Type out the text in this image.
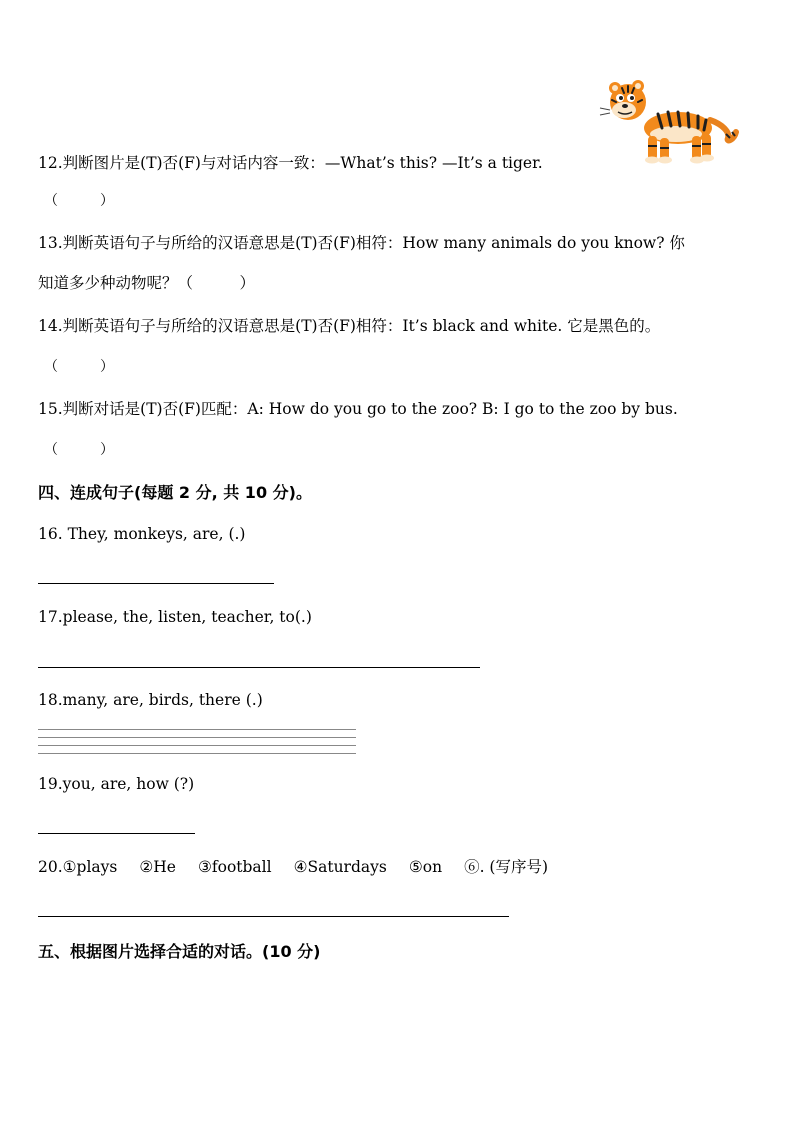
12.判断图片是(T)否(F)与对话内容一致：—What’s this? —It’s a tiger.
（　　　）
13.判断英语句子与所给的汉语意思是(T)否(F)相符：How many animals do you know? 你
知道多少种动物呢？（　　　）
14.判断英语句子与所给的汉语意思是(T)否(F)相符：It’s black and white. 它是黑色的。
（　　　）
15.判断对话是(T)否(F)匹配：A: How do you go to the zoo? B: I go to the zoo by bus.
（　　　）
四、连成句子(每题 2 分, 共 10 分)。
16. They, monkeys, are, (.)
17.please, the, listen, teacher, to(.)
18.many, are, birds, there (.)
19.you, are, how (?)
20.①plays ②He ③football ④Saturdays ⑤on ⑥. (写序号)
五、根据图片选择合适的对话。(10 分)
